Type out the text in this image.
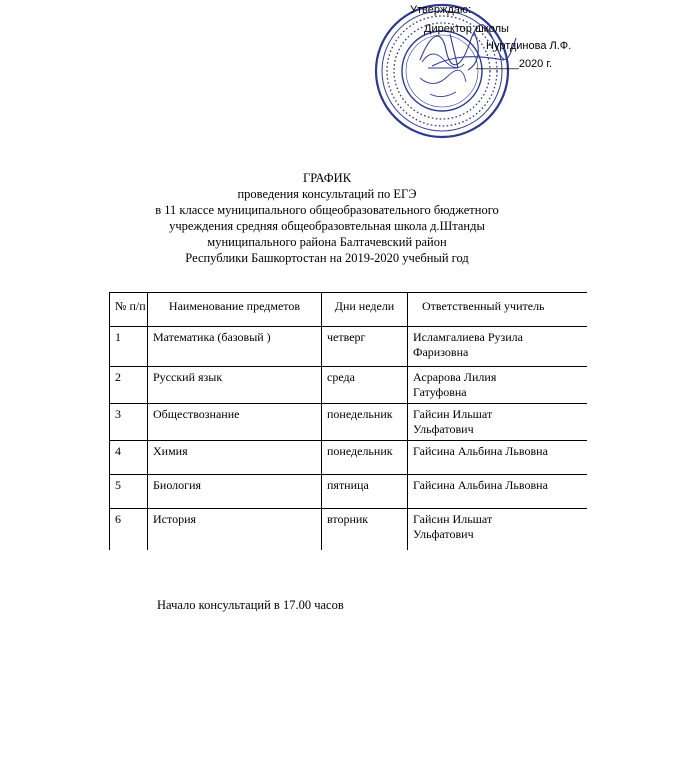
Утверждаю:
Директор школы
Нуртдинова Л.Ф.
_______2020 г.
ГРАФИК
проведения консультаций по ЕГЭ
в 11 классе муниципального общеобразовательного бюджетного
учреждения средняя общеобразовтельная школа д.Штанды
муниципального района Балтачевский район
Республики Башкортостан на 2019-2020 учебный год
№ п/п	Наименование предметов	Дни недели	Ответственный учитель
1	Математика (базовый )	четверг	Исламгалиева Рузила
Фаризовна

2	Русский язык	среда	Асрарова Лилия
Гатуфовна

3	Обществознание	понедельник	Гайсин Ильшат
Ульфатович

4	Химия	понедельник	Гайсина Альбина Львовна

5	Биология	пятница	Гайсина Альбина Львовна

6	История	вторник	Гайсин Ильшат
Ульфатович
Начало консультаций в 17.00 часов
